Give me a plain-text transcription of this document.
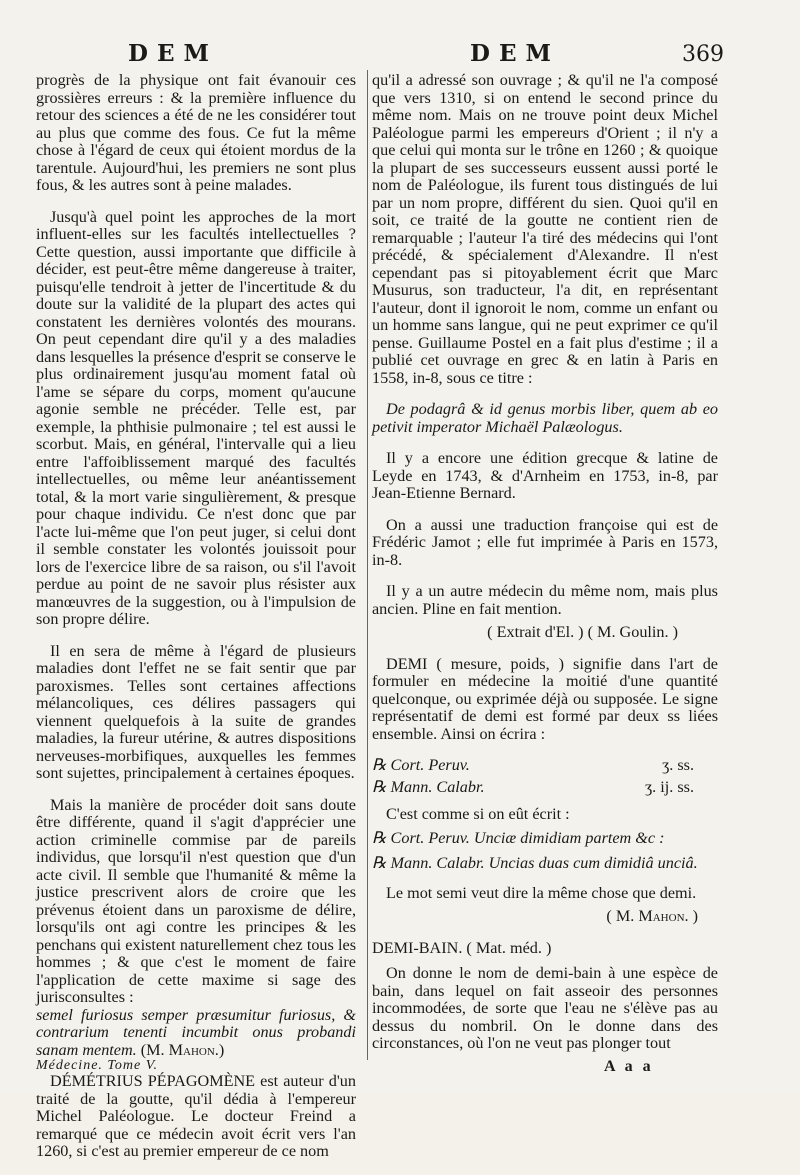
DEM	DEM	369

progrès de la physique ont fait évanouir ces grossières erreurs : & la première influence du retour des sciences a été de ne les considérer tout au plus que comme des fous. Ce fut la même chose à l'égard de ceux qui étoient mordus de la tarentule. Aujourd'hui, les premiers ne sont plus fous, & les autres sont à peine malades.

Jusqu'à quel point les approches de la mort influent-elles sur les facultés intellectuelles ? Cette question, aussi importante que difficile à décider, est peut-être même dangereuse à traiter, puisqu'elle tendroit à jetter de l'incertitude & du doute sur la validité de la plupart des actes qui constatent les dernières volontés des mourans. On peut cependant dire qu'il y a des maladies dans lesquelles la présence d'esprit se conserve le plus ordinairement jusqu'au moment fatal où l'ame se sépare du corps, moment qu'aucune agonie semble ne précéder. Telle est, par exemple, la phthisie pulmonaire ; tel est aussi le scorbut. Mais, en général, l'intervalle qui a lieu entre l'affoiblissement marqué des facultés intellectuelles, ou même leur anéantissement total, & la mort varie singulièrement, & presque pour chaque individu. Ce n'est donc que par l'acte lui-même que l'on peut juger, si celui dont il semble constater les volontés jouissoit pour lors de l'exercice libre de sa raison, ou s'il l'avoit perdue au point de ne savoir plus résister aux manœuvres de la suggestion, ou à l'impulsion de son propre délire.

Il en sera de même à l'égard de plusieurs maladies dont l'effet ne se fait sentir que par paroxismes. Telles sont certaines affections mélancoliques, ces délires passagers qui viennent quelquefois à la suite de grandes maladies, la fureur utérine, & autres dispositions nerveuses-morbifiques, auxquelles les femmes sont sujettes, principalement à certaines époques.

Mais la manière de procéder doit sans doute être différente, quand il s'agit d'apprécier une action criminelle commise par de pareils individus, que lorsqu'il n'est question que d'un acte civil. Il semble que l'humanité & même la justice prescrivent alors de croire que les prévenus étoient dans un paroxisme de délire, lorsqu'ils ont agi contre les principes & les penchans qui existent naturellement chez tous les hommes ; & que c'est le moment de faire l'application de cette maxime si sage des jurisconsultes :

semel furiosus semper præsumitur furiosus, & contrarium tenenti incumbit onus probandi sanam mentem. (M. Mahon.)

DÉMÉTRIUS PÉPAGOMÈNE est auteur d'un traité de la goutte, qu'il dédia à l'empereur Michel Paléologue. Le docteur Freind a remarqué que ce médecin avoit écrit vers l'an 1260, si c'est au premier empereur de ce nom

qu'il a adressé son ouvrage ; & qu'il ne l'a composé que vers 1310, si on entend le second prince du même nom. Mais on ne trouve point deux Michel Paléologue parmi les empereurs d'Orient ; il n'y a que celui qui monta sur le trône en 1260 ; & quoique la plupart de ses successeurs eussent aussi porté le nom de Paléologue, ils furent tous distingués de lui par un nom propre, différent du sien. Quoi qu'il en soit, ce traité de la goutte ne contient rien de remarquable ; l'auteur l'a tiré des médecins qui l'ont précédé, & spécialement d'Alexandre. Il n'est cependant pas si pitoyablement écrit que Marc Musurus, son traducteur, l'a dit, en représentant l'auteur, dont il ignoroit le nom, comme un enfant ou un homme sans langue, qui ne peut exprimer ce qu'il pense. Guillaume Postel en a fait plus d'estime ; il a publié cet ouvrage en grec & en latin à Paris en 1558, in-8, sous ce titre :

De podagrâ & id genus morbis liber, quem ab eo petivit imperator Michaël Palæologus.

Il y a encore une édition grecque & latine de Leyde en 1743, & d'Arnheim en 1753, in-8, par Jean-Etienne Bernard.

On a aussi une traduction françoise qui est de Frédéric Jamot ; elle fut imprimée à Paris en 1573, in-8.

Il y a un autre médecin du même nom, mais plus ancien. Pline en fait mention.

( Extrait d'El. ) ( M. Goulin. )

DEMI ( mesure, poids, ) signifie dans l'art de formuler en médecine la moitié d'une quantité quelconque, ou exprimée déjà ou supposée. Le signe représentatif de demi est formé par deux ss liées ensemble. Ainsi on écrira :

℞ Cort. Peruv.	ʒ. ss.
℞ Mann. Calabr.	ʒ. ij. ss.

C'est comme si on eût écrit :

℞ Cort. Peruv. Unciæ dimidiam partem &c :
℞ Mann. Calabr. Uncias duas cum dimidiâ unciâ.

Le mot semi veut dire la même chose que demi.

( M. Mahon. )

DEMI-BAIN. ( Mat. méd. )

On donne le nom de demi-bain à une espèce de bain, dans lequel on fait asseoir des personnes incommodées, de sorte que l'eau ne s'élève pas au dessus du nombril. On le donne dans des circonstances, où l'on ne veut pas plonger tout

Médecine. Tome V.	A a a
